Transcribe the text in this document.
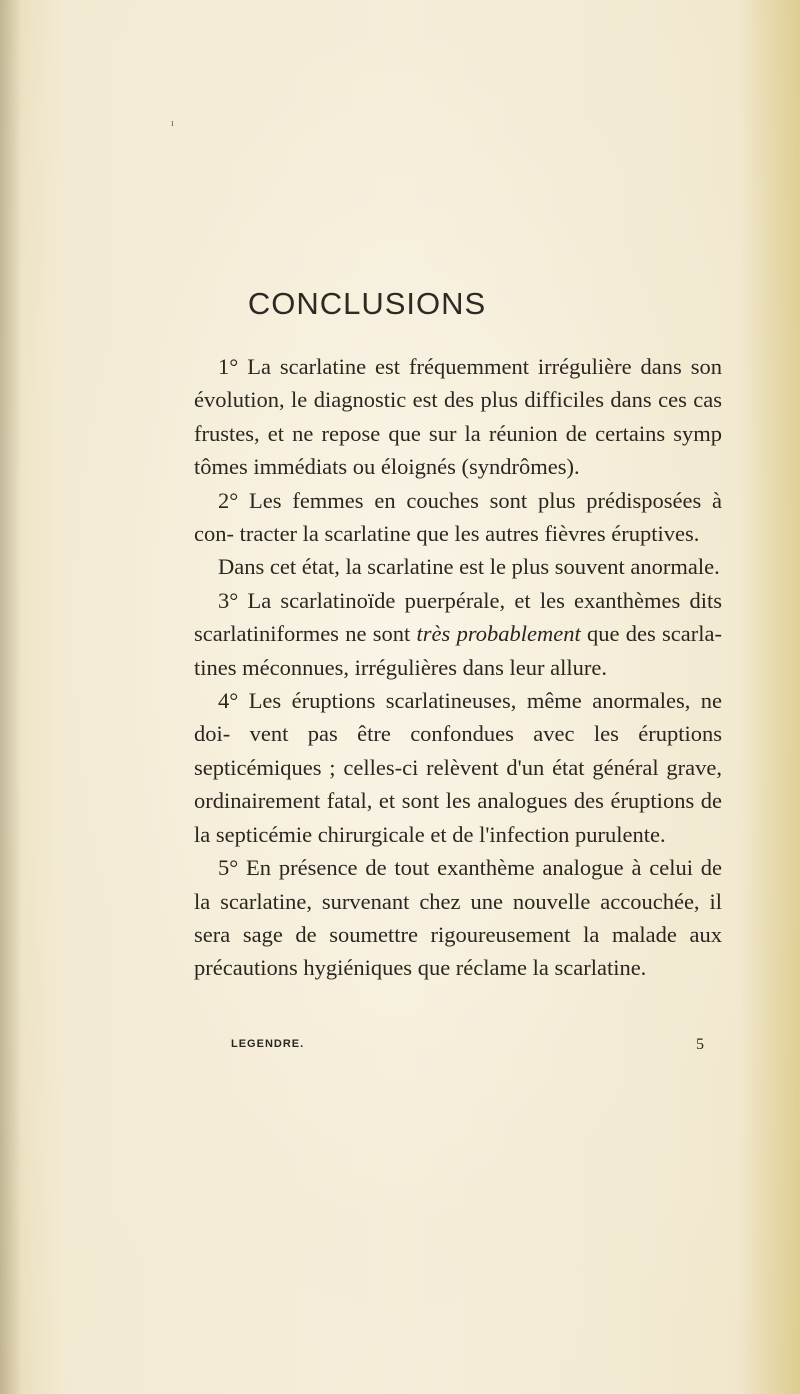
ı
CONCLUSIONS

1° La scarlatine est fréquemment irrégulière dans son évolution, le diagnostic est des plus difficiles dans ces cas frustes, et ne repose que sur la réunion de certains symp tômes immédiats ou éloignés (syndrômes).

2° Les femmes en couches sont plus prédisposées à con- tracter la scarlatine que les autres fièvres éruptives.

Dans cet état, la scarlatine est le plus souvent anormale.

3° La scarlatinoïde puerpérale, et les exanthèmes dits scarlatiniformes ne sont très probablement que des scarla- tines méconnues, irrégulières dans leur allure.

4° Les éruptions scarlatineuses, même anormales, ne doi- vent pas être confondues avec les éruptions septicémiques ; celles-ci relèvent d'un état général grave, ordinairement fatal, et sont les analogues des éruptions de la septicémie chirurgicale et de l'infection purulente.

5° En présence de tout exanthème analogue à celui de la scarlatine, survenant chez une nouvelle accouchée, il sera sage de soumettre rigoureusement la malade aux précautions hygiéniques que réclame la scarlatine.

LEGENDRE.	5
